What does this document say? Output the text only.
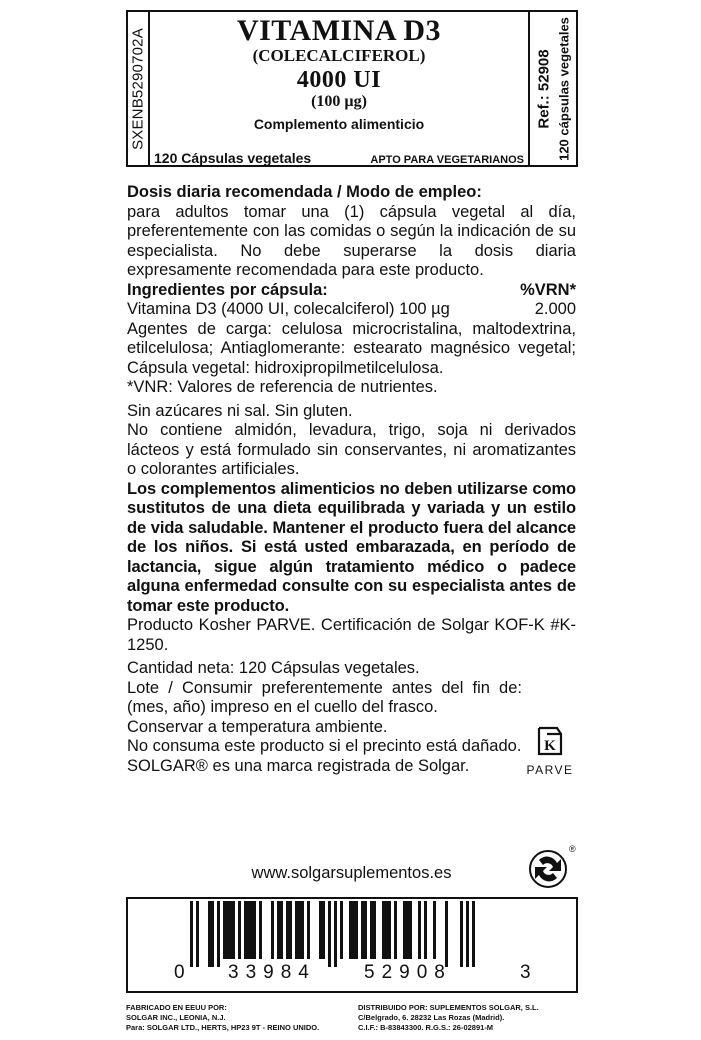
SXENB5290702A	VITAMINA D3
(COLECALCIFEROL)
4000 UI
(100 µg)
Complemento alimenticio
120 Cápsulas vegetales	APTO PARA VEGETARIANOS
Ref.: 52908 120 cápsulas vegetales

Dosis diaria recomendada / Modo de empleo:

para adultos tomar una (1) cápsula vegetal al día, preferentemente con las comidas o según la indicación de su especialista. No debe superarse la dosis diaria expresamente recomendada para este producto.

Ingredientes por cápsula:	%VRN*
Vitamina D3 (4000 UI, colecalciferol) 100 µg	2.000

Agentes de carga: celulosa microcristalina, maltodextrina, etilcelulosa; Antiaglomerante: estearato magnésico vegetal; Cápsula vegetal: hidroxipropilmetilcelulosa.

*VNR: Valores de referencia de nutrientes.

Sin azúcares ni sal. Sin gluten.

No contiene almidón, levadura, trigo, soja ni derivados lácteos y está formulado sin conservantes, ni aromatizantes o colorantes artificiales.

Los complementos alimenticios no deben utilizarse como sustitutos de una dieta equilibrada y variada y un estilo de vida saludable. Mantener el producto fuera del alcance de los niños. Si está usted embarazada, en período de lactancia, sigue algún tratamiento médico o padece alguna enfermedad consulte con su especialista antes de tomar este producto.

Producto Kosher PARVE. Certificación de Solgar KOF-K #K-1250.

Cantidad neta: 120 Cápsulas vegetales.

Lote / Consumir preferentemente antes del fin de: (mes, año) impreso en el cuello del frasco.

Conservar a temperatura ambiente.

No consuma este producto si el precinto está dañado.

SOLGAR® es una marca registrada de Solgar.

www.solgarsuplementos.es
K
PARVE
®
0 33984	52908	3
FABRICADO EN EEUU POR:
SOLGAR INC., LEONIA, N.J.
Para: SOLGAR LTD., HERTS, HP23 9T - REINO UNIDO.
DISTRIBUIDO POR: SUPLEMENTOS SOLGAR, S.L.
C/Belgrado, 6. 28232 Las Rozas (Madrid).
C.I.F.: B-83843300. R.G.S.: 26-02891-M
